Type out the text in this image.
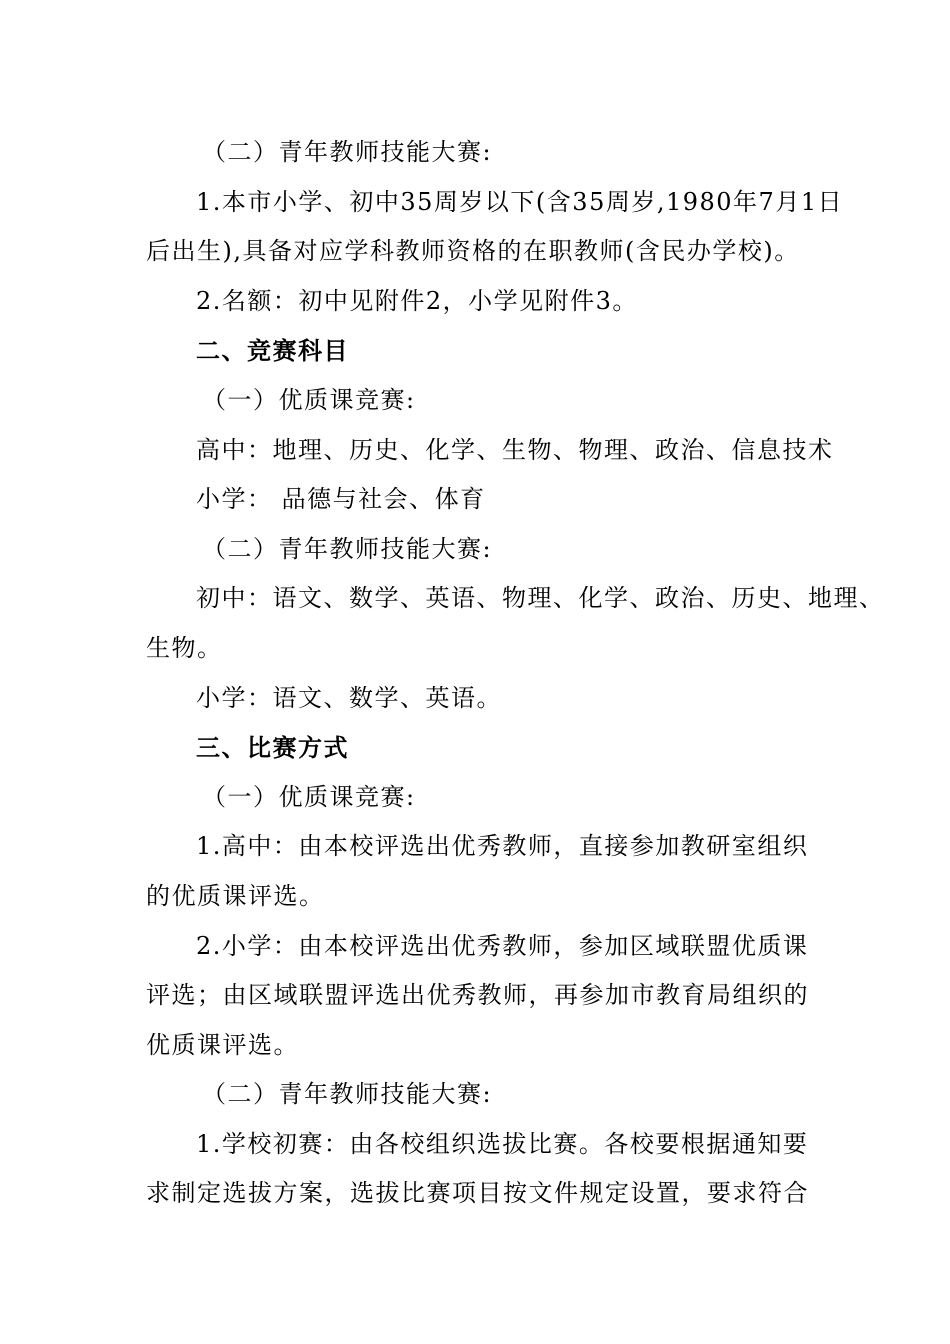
（二）青年教师技能大赛:

1.本市小学、初中35周岁以下(含35周岁,1980年7月1日

后出生),具备对应学科教师资格的在职教师(含民办学校)。

2.名额：初中见附件2，小学见附件3。

二、竞赛科目

（一）优质课竞赛:

高中：地理、历史、化学、生物、物理、政治、信息技术

小学： 品德与社会、体育

（二）青年教师技能大赛:

初中：语文、数学、英语、物理、化学、政治、历史、地理、

生物。

小学：语文、数学、英语。

三、比赛方式

（一）优质课竞赛:

1.高中：由本校评选出优秀教师，直接参加教研室组织

的优质课评选。

2.小学：由本校评选出优秀教师，参加区域联盟优质课

评选；由区域联盟评选出优秀教师，再参加市教育局组织的

优质课评选。

（二）青年教师技能大赛:

1.学校初赛：由各校组织选拔比赛。各校要根据通知要

求制定选拔方案，选拔比赛项目按文件规定设置，要求符合
